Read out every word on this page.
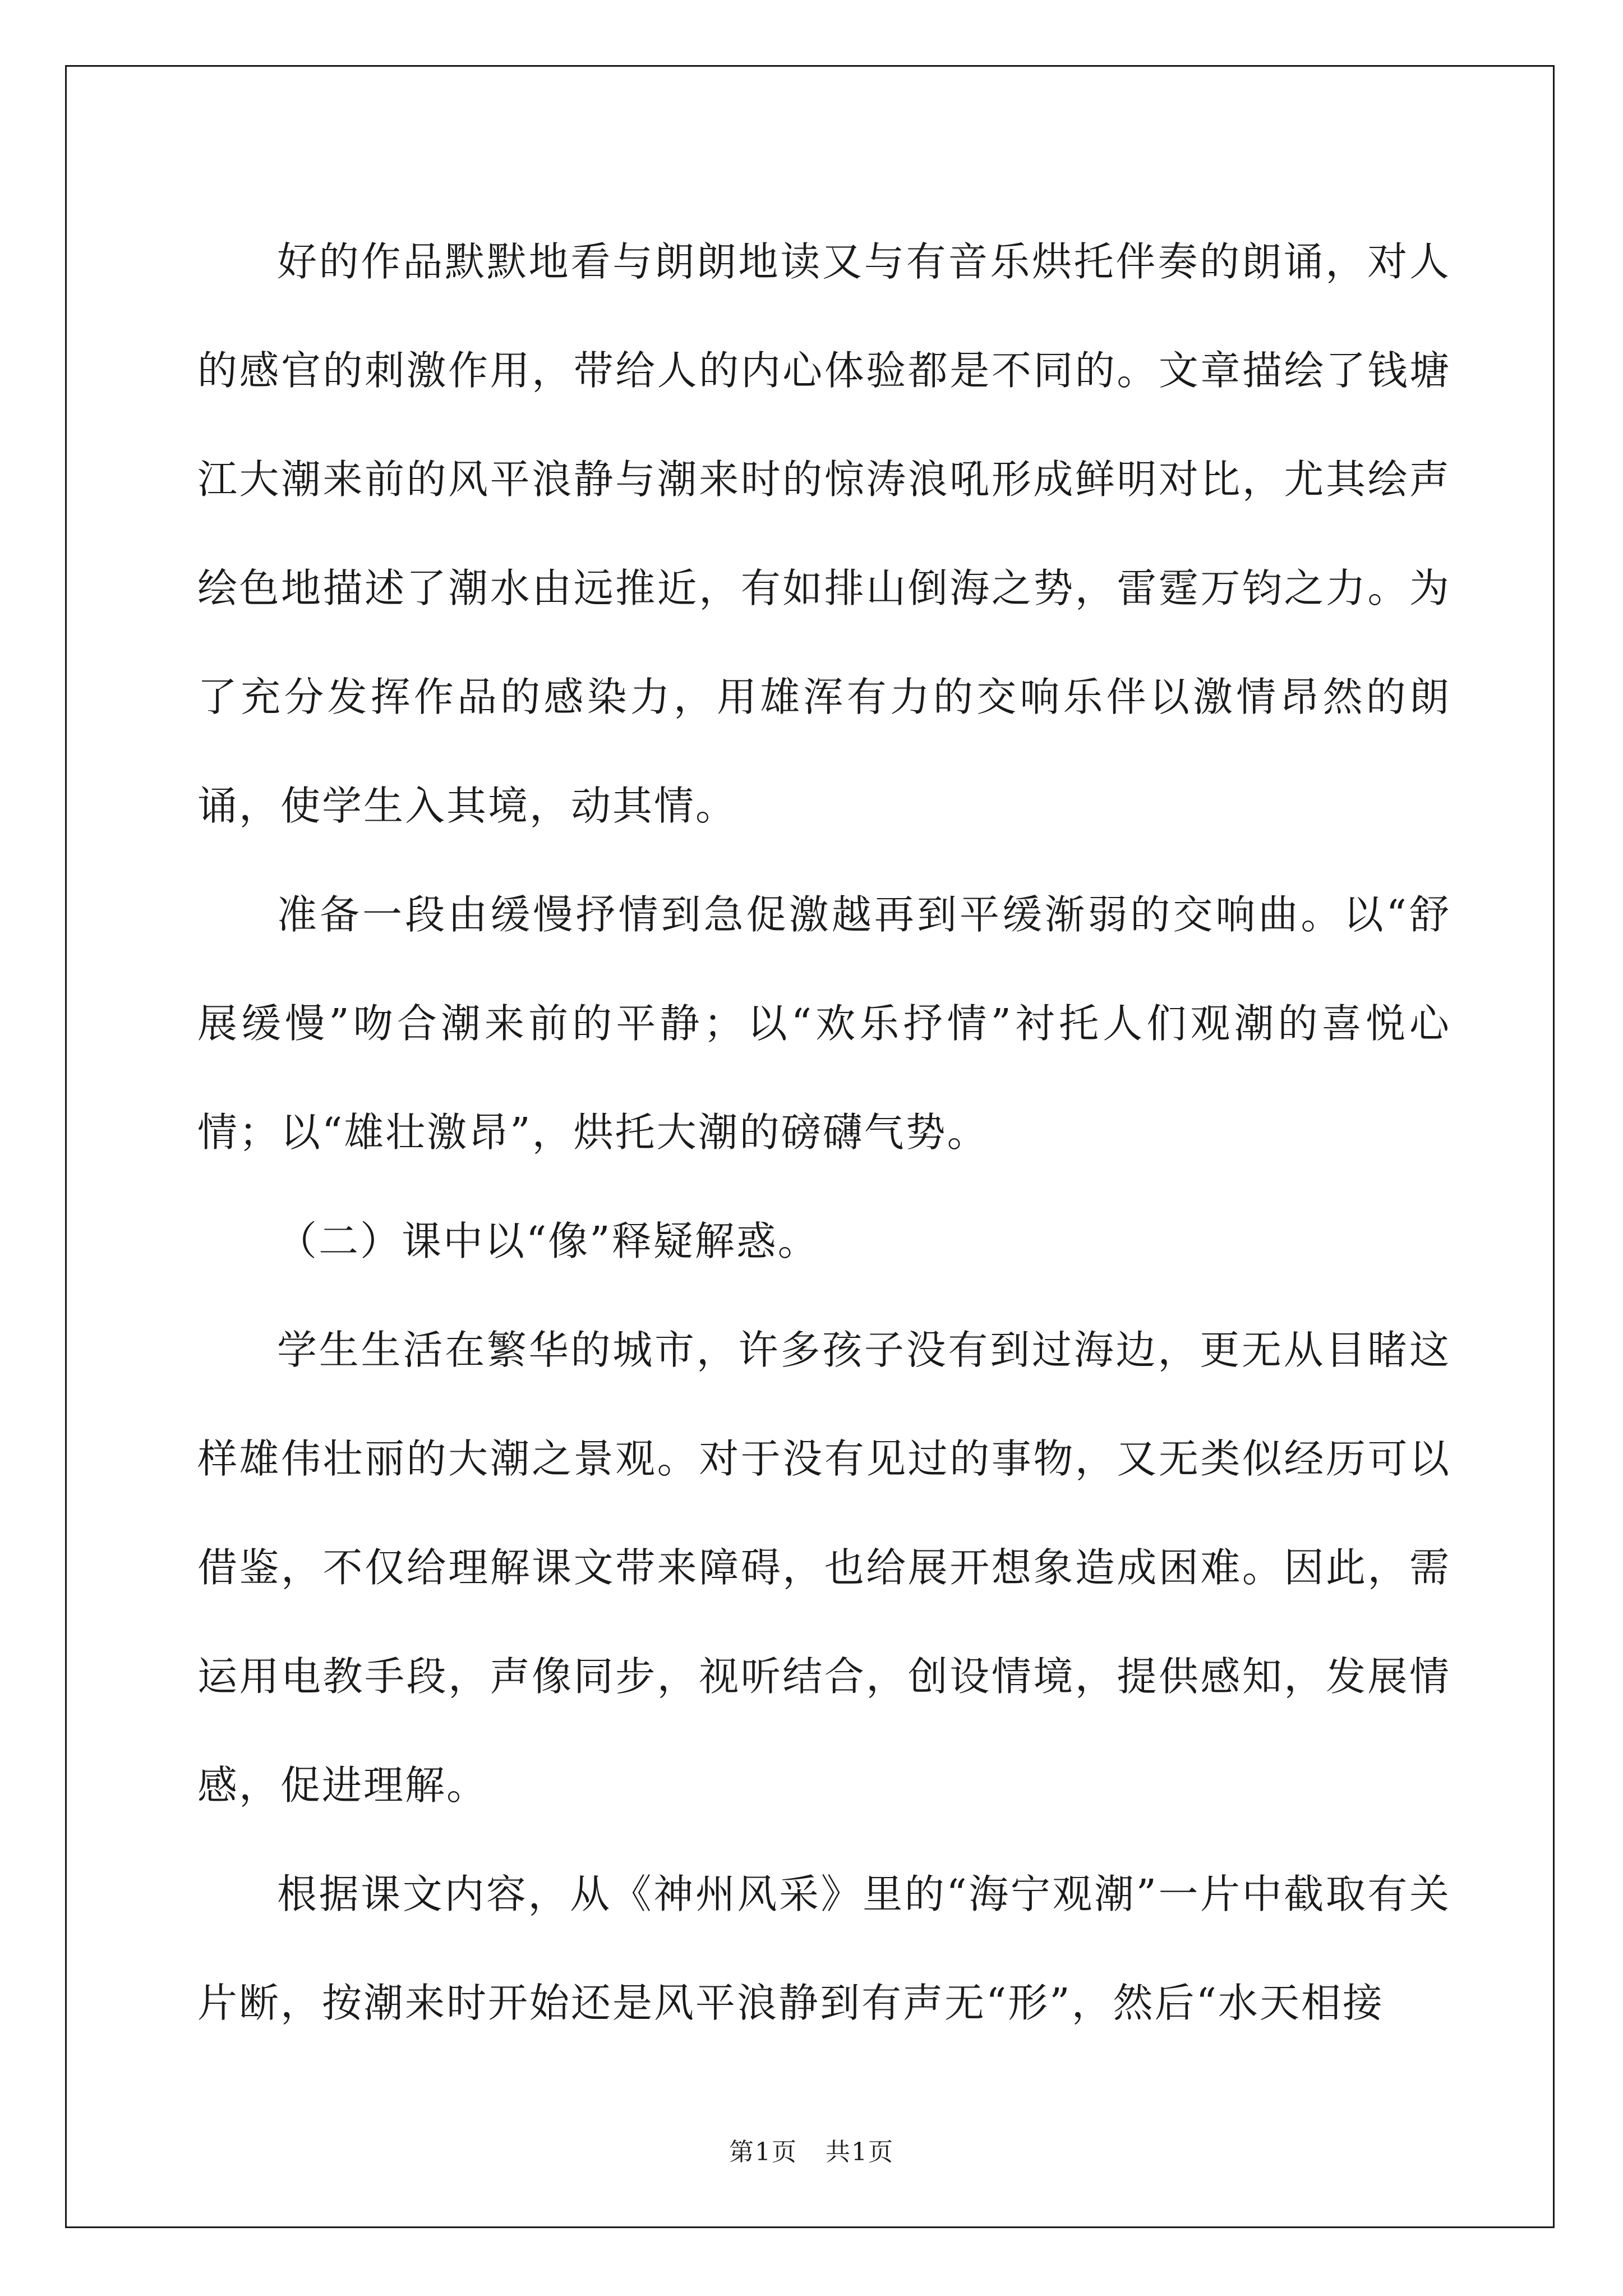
好的作品默默地看与朗朗地读又与有音乐烘托伴奏的朗诵，对人的感官的刺激作用，带给人的内心体验都是不同的。文章描绘了钱塘江大潮来前的风平浪静与潮来时的惊涛浪吼形成鲜明对比，尤其绘声绘色地描述了潮水由远推近，有如排山倒海之势，雷霆万钧之力。为了充分发挥作品的感染力，用雄浑有力的交响乐伴以激情昂然的朗诵，使学生入其境，动其情。

准备一段由缓慢抒情到急促激越再到平缓渐弱的交响曲。以“舒展缓慢”吻合潮来前的平静；以“欢乐抒情”衬托人们观潮的喜悦心情；以“雄壮激昂”，烘托大潮的磅礴气势。

（二）课中以“像”释疑解惑。

学生生活在繁华的城市，许多孩子没有到过海边，更无从目睹这样雄伟壮丽的大潮之景观。对于没有见过的事物，又无类似经历可以借鉴，不仅给理解课文带来障碍，也给展开想象造成困难。因此，需运用电教手段，声像同步，视听结合，创设情境，提供感知，发展情感，促进理解。

根据课文内容，从《神州风采》里的“海宁观潮”一片中截取有关片断，按潮来时开始还是风平浪静到有声无“形”，然后“水天相接

第1页 共1页
